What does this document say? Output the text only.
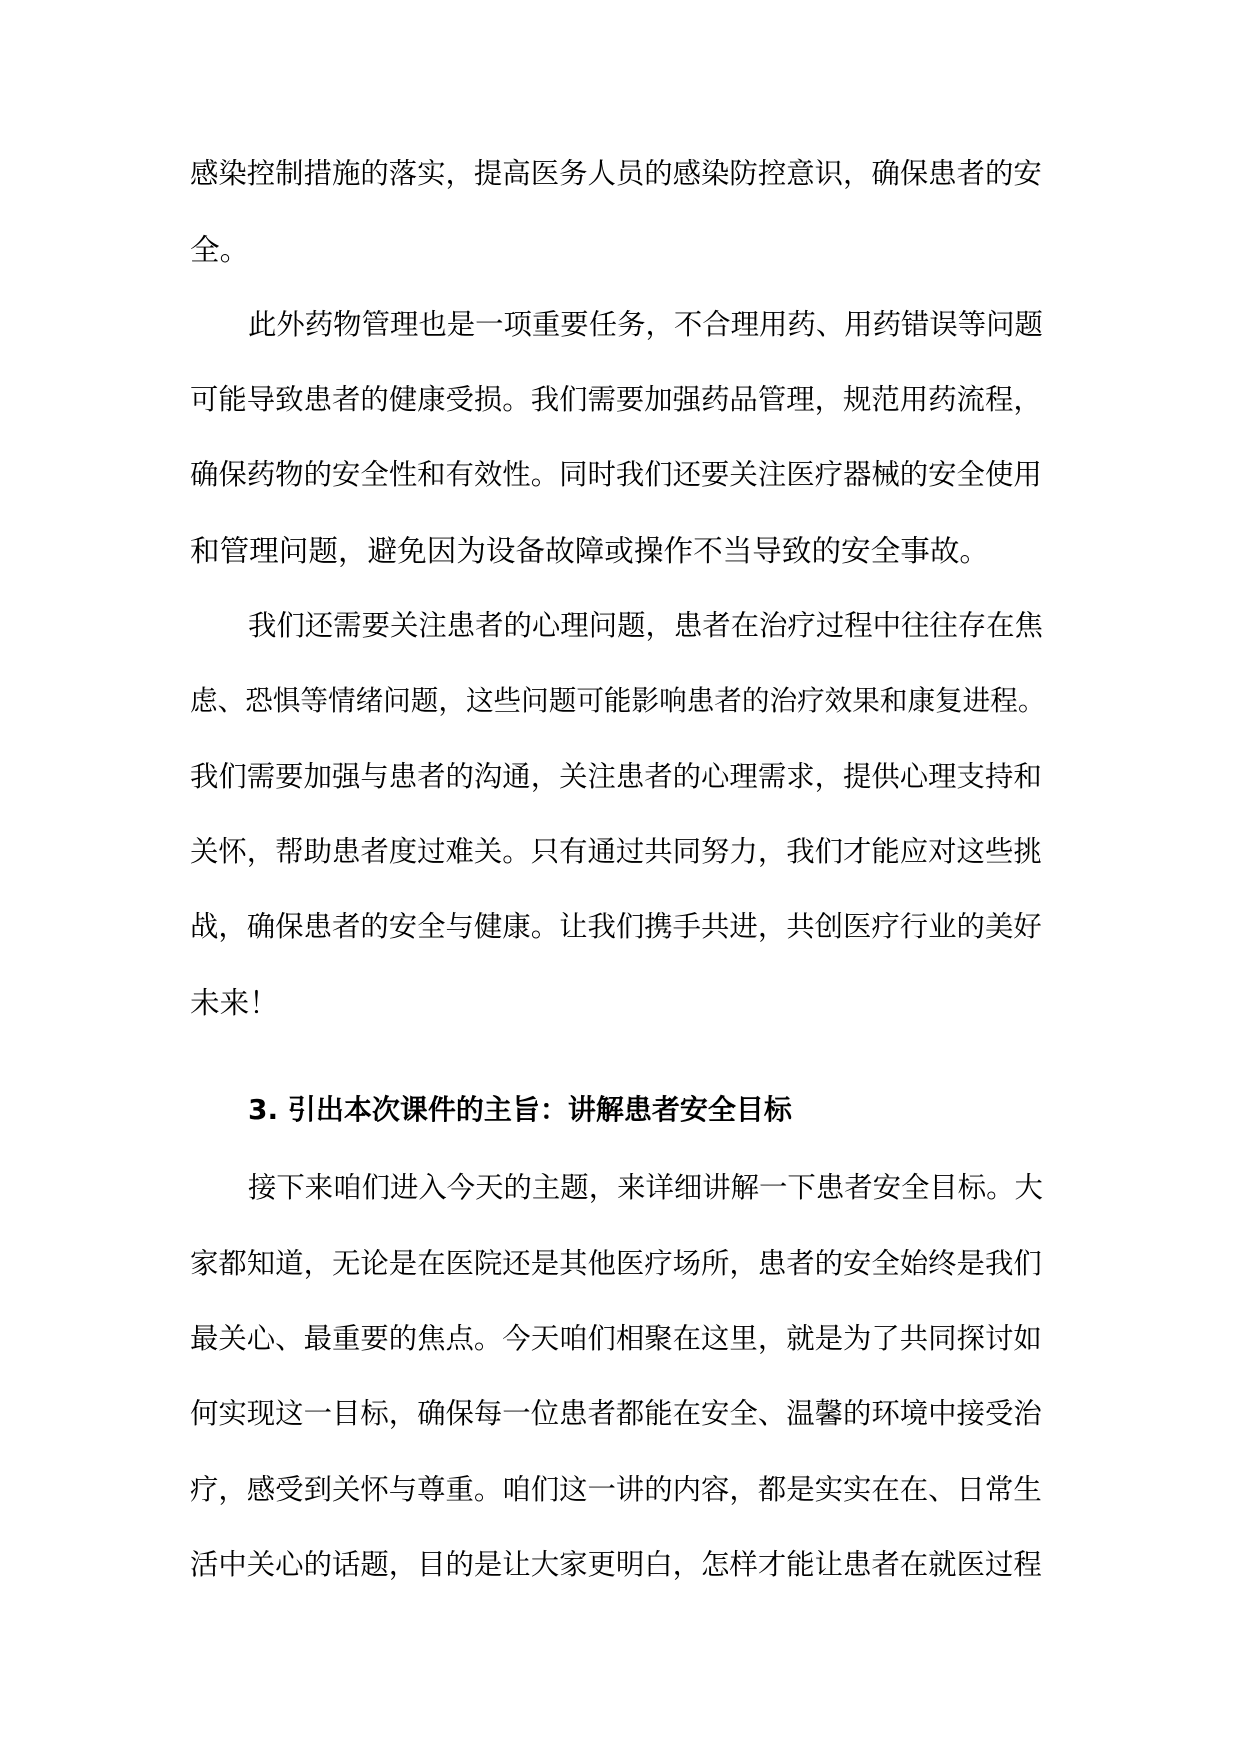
感染控制措施的落实，提高医务人员的感染防控意识，确保患者的安
全。
此外药物管理也是一项重要任务，不合理用药、用药错误等问题
可能导致患者的健康受损。我们需要加强药品管理，规范用药流程，
确保药物的安全性和有效性。同时我们还要关注医疗器械的安全使用
和管理问题，避免因为设备故障或操作不当导致的安全事故。
我们还需要关注患者的心理问题，患者在治疗过程中往往存在焦
虑、恐惧等情绪问题，这些问题可能影响患者的治疗效果和康复进程。
我们需要加强与患者的沟通，关注患者的心理需求，提供心理支持和
关怀，帮助患者度过难关。只有通过共同努力，我们才能应对这些挑
战，确保患者的安全与健康。让我们携手共进，共创医疗行业的美好
未来！
3. 引出本次课件的主旨：讲解患者安全目标
接下来咱们进入今天的主题，来详细讲解一下患者安全目标。大
家都知道，无论是在医院还是其他医疗场所，患者的安全始终是我们
最关心、最重要的焦点。今天咱们相聚在这里，就是为了共同探讨如
何实现这一目标，确保每一位患者都能在安全、温馨的环境中接受治
疗，感受到关怀与尊重。咱们这一讲的内容，都是实实在在、日常生
活中关心的话题，目的是让大家更明白，怎样才能让患者在就医过程
